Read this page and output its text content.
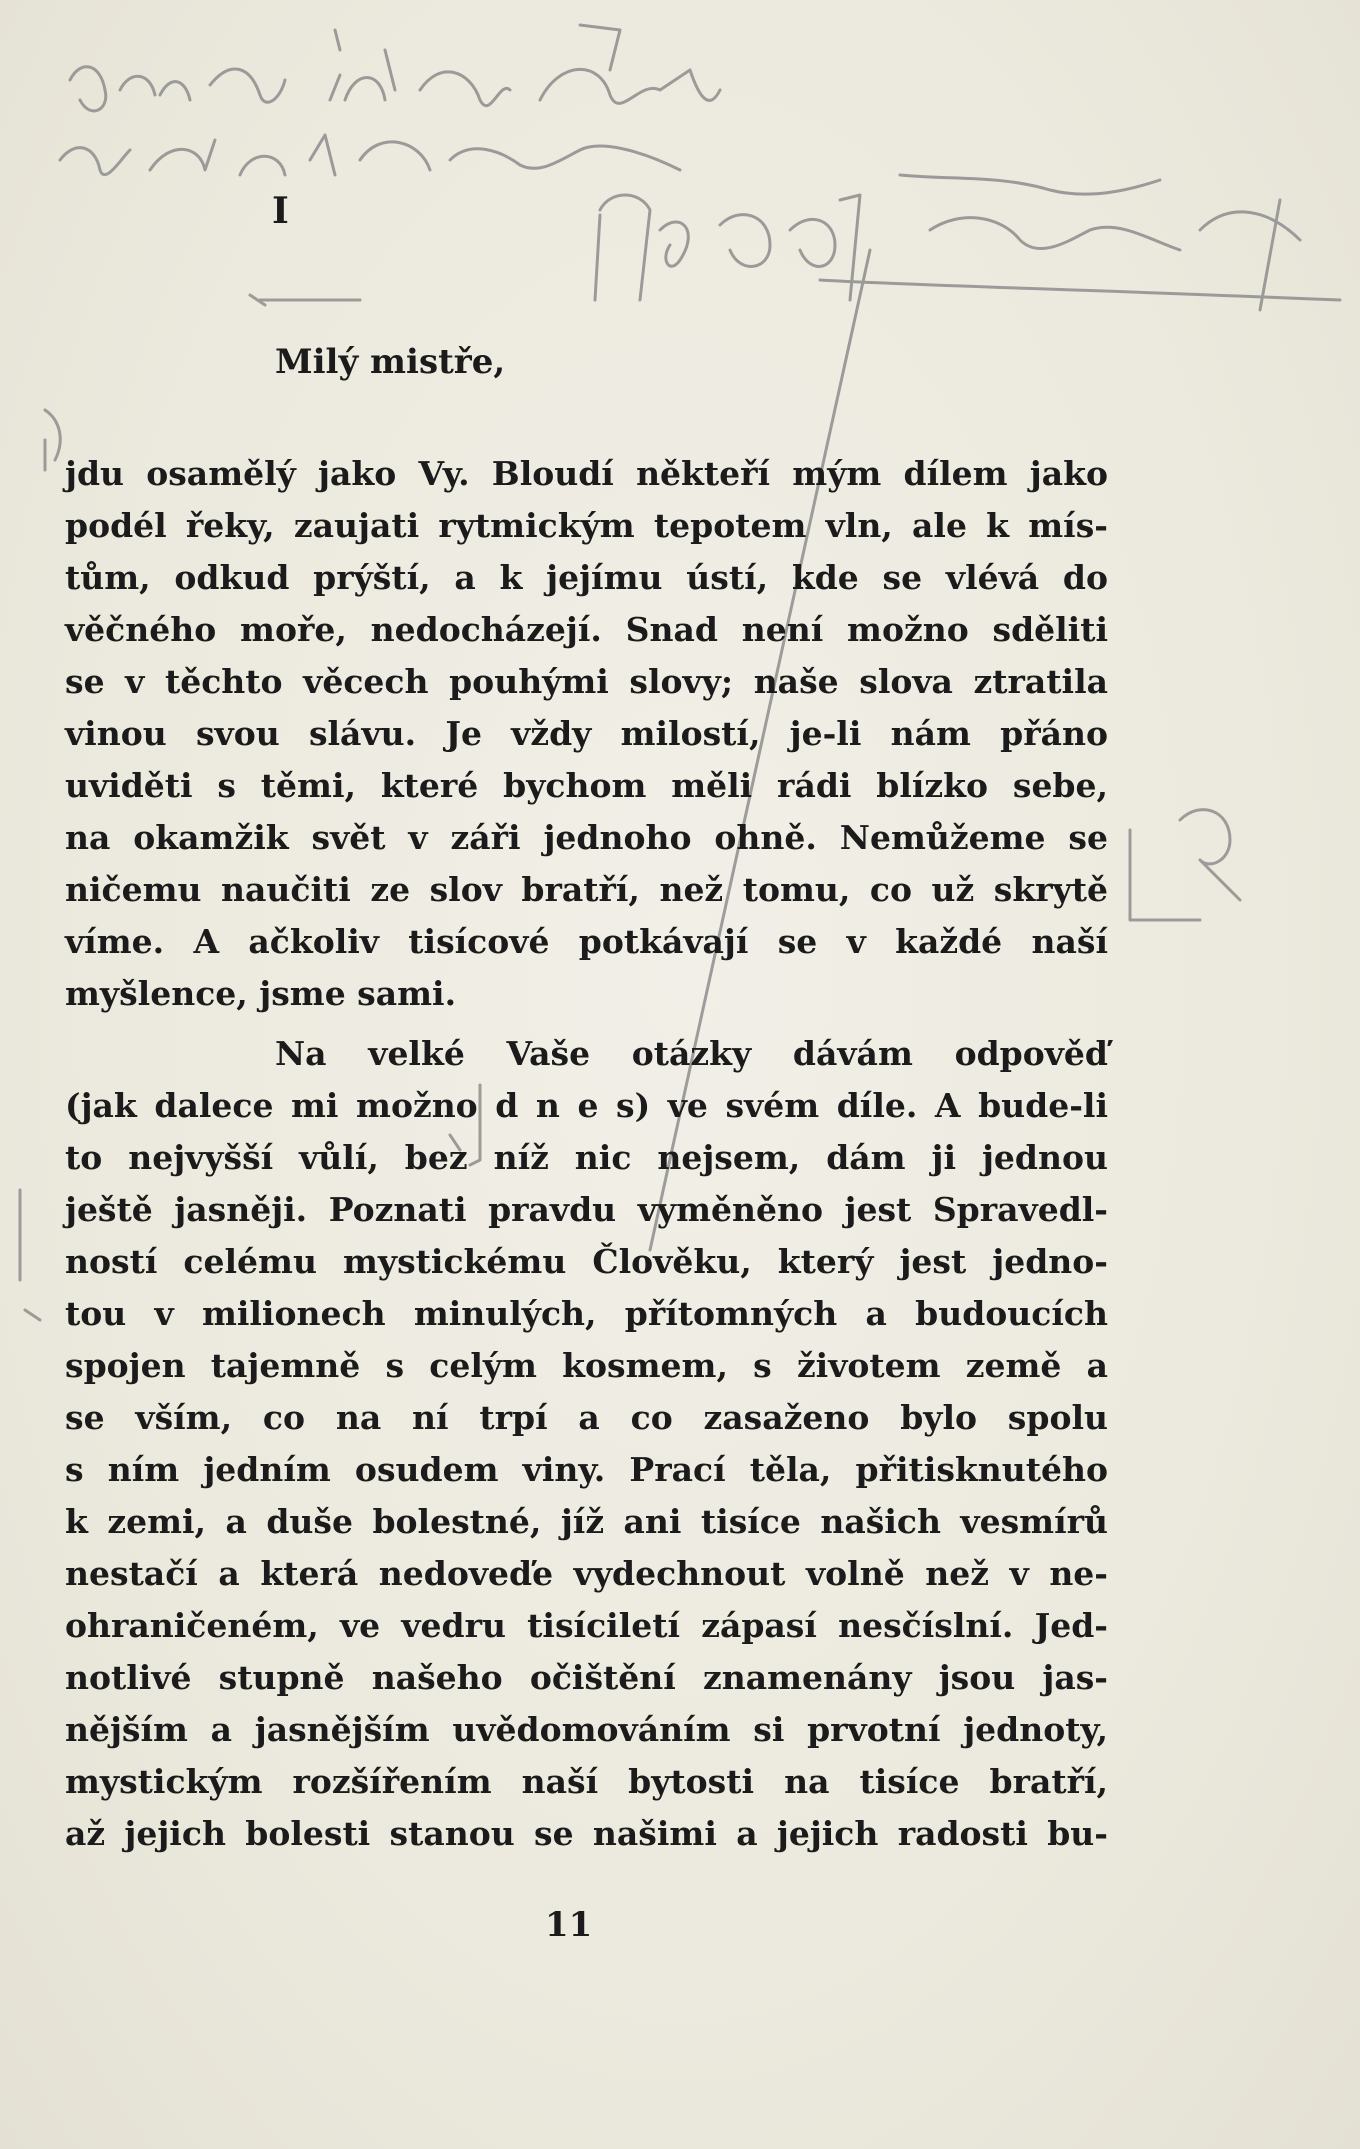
I

Milý mistře,

jdu osamělý jako Vy. Bloudí někteří mým dílem jako
podél řeky, zaujati rytmickým tepotem vln, ale k mís-
tům, odkud prýští, a k jejímu ústí, kde se vlévá do
věčného moře, nedocházejí. Snad není možno sděliti
se v těchto věcech pouhými slovy; naše slova ztratila
vinou svou slávu. Je vždy milostí, je-li nám přáno
uviděti s těmi, které bychom měli rádi blízko sebe,
na okamžik svět v záři jednoho ohně. Nemůžeme se
ničemu naučiti ze slov bratří, než tomu, co už skrytě
víme. A ačkoliv tisícové potkávají se v každé naší
myšlence, jsme sami.

Na velké Vaše otázky dávám odpověď
(jak dalece mi možno d n e s) ve svém díle. A bude-li
to nejvyšší vůlí, bez níž nic nejsem, dám ji jednou
ještě jasněji. Poznati pravdu vyměněno jest Spravedl-
ností celému mystickému Člověku, který jest jedno-
tou v milionech minulých, přítomných a budoucích
spojen tajemně s celým kosmem, s životem země a
se vším, co na ní trpí a co zasaženo bylo spolu
s ním jedním osudem viny. Prací těla, přitisknutého
k zemi, a duše bolestné, jíž ani tisíce našich vesmírů
nestačí a která nedoveďe vydechnout volně než v ne-
ohraničeném, ve vedru tisíciletí zápasí nesčíslní. Jed-
notlivé stupně našeho očištění znamenány jsou jas-
nějším a jasnějším uvědomováním si prvotní jednoty,
mystickým rozšířením naší bytosti na tisíce bratří,
až jejich bolesti stanou se našimi a jejich radosti bu-

11
